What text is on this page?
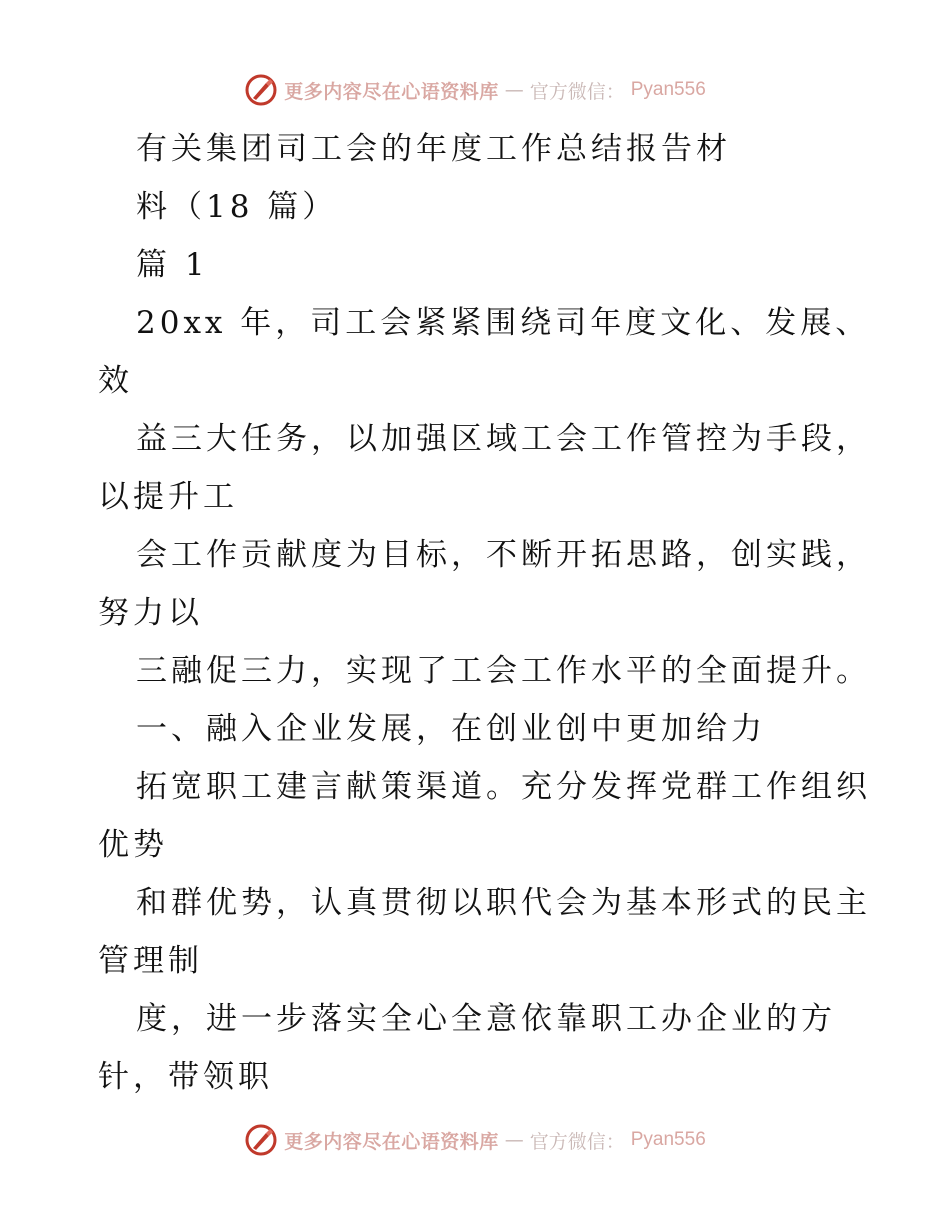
更多内容尽在心语资料库 — 官方微信： Pyan556
有关集团司工会的年度工作总结报告材
料（18 篇）
篇 1
20xx 年，司工会紧紧围绕司年度文化、发展、
效
益三大任务，以加强区域工会工作管控为手段，
以提升工
会工作贡献度为目标，不断开拓思路，创实践，
努力以
三融促三力，实现了工会工作水平的全面提升。
一、融入企业发展，在创业创中更加给力
拓宽职工建言献策渠道。充分发挥党群工作组织
优势
和群优势，认真贯彻以职代会为基本形式的民主
管理制
度，进一步落实全心全意依靠职工办企业的方
针，带领职
更多内容尽在心语资料库 — 官方微信： Pyan556
